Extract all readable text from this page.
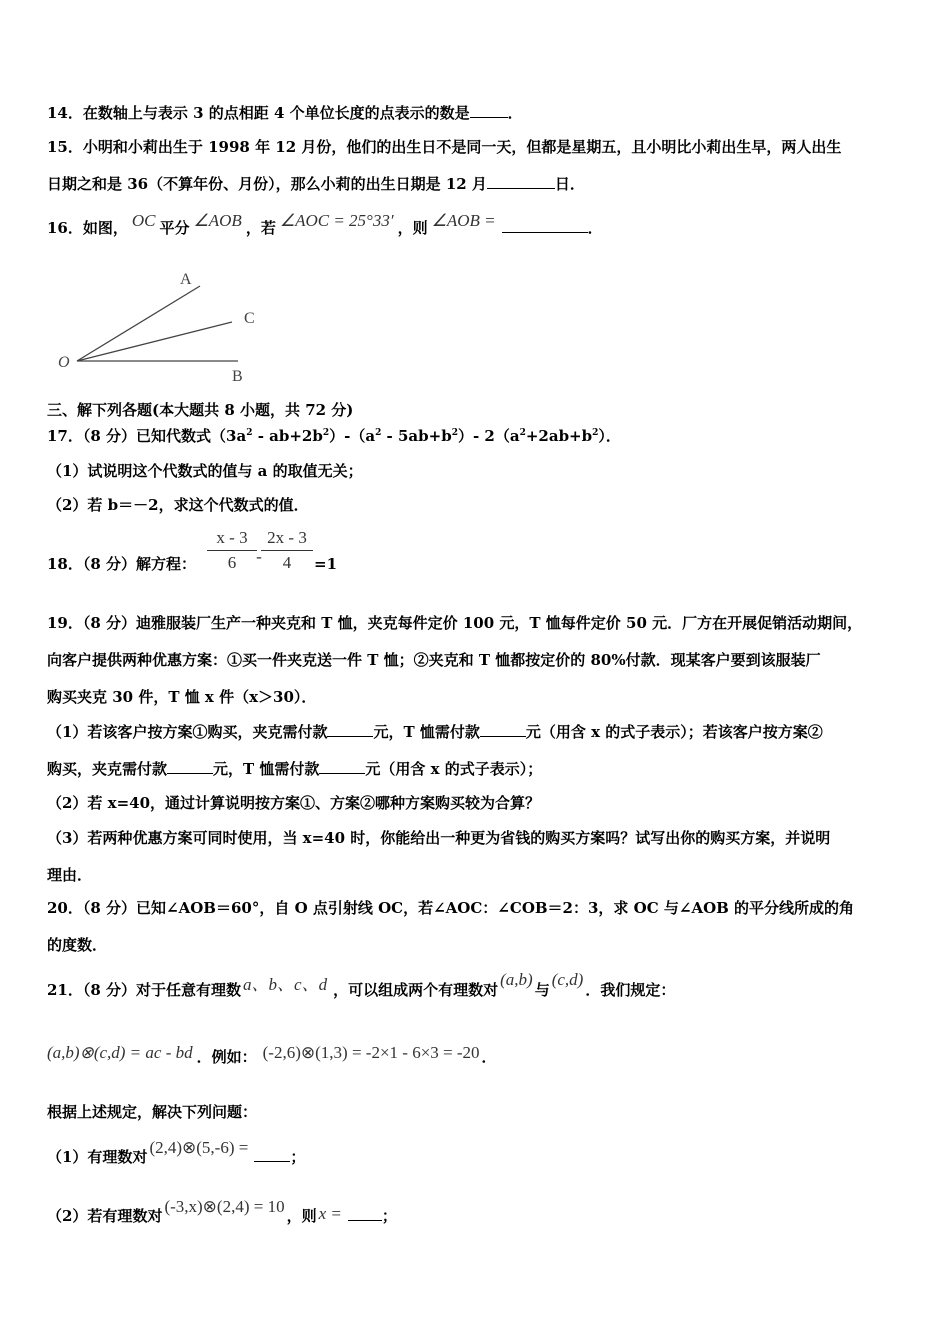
14．在数轴上与表示 3 的点相距 4 个单位长度的点表示的数是	．
15．小明和小莉出生于 1998 年 12 月份，他们的出生日不是同一天，但都是星期五，且小明比小莉出生早，两人出生
日期之和是 36（不算年份、月份），那么小莉的出生日期是 12 月	日．
16．如图， OC 平分 ∠AOB ，若 ∠AOC = 25°33′ ，则 ∠AOB =	．
A
C
O
B
三、解下列各题(本大题共 8 小题，共 72 分)
17．（8 分）已知代数式$(3a^2 - ab+2b^2)-(a^2 - 5ab+b^2)-$ $2(a^2+2ab+b^2)$．
（1）试说明这个代数式的值与 a 的取值无关；
（2）若 b＝－2，求这个代数式的值．
18．（8 分）解方程： $\frac{x - 3}{6} - \frac{2x - 3}{4} =1$
19．（8 分）迪雅服装厂生产一种夹克和 T 恤，夹克每件定价 100 元，T 恤每件定价 50 元．厂方在开展促销活动期间，
向客户提供两种优惠方案：①买一件夹克送一件 T 恤；②夹克和 T 恤都按定价的 80%付款．现某客户要到该服装厂
购买夹克 30 件，T 恤 x 件（x＞30）．
（1）若该客户按方案①购买，夹克需付款	元，T 恤需付款	元（用含 x 的式子表示）；若该客户按方案②
购买，夹克需付款	元，T 恤需付款	元（用含 x 的式子表示）；
（2）若 x=40，通过计算说明按方案①、方案②哪种方案购买较为合算？
（3）若两种优惠方案可同时使用，当 x=40 时，你能给出一种更为省钱的购买方案吗？试写出你的购买方案，并说明
理由．
20．（8 分）已知∠AOB＝60°，自 O 点引射线 OC，若∠AOC：∠COB＝2：3，求 OC 与∠AOB 的平分线所成的角
的度数．
21．（8 分）对于任意有理数 a、b、c、d ，可以组成两个有理数对(a,b)与(c,d)．我们规定：
(a,b)⊗(c,d) = ac - bd ．例如： (-2,6)⊗(1,3) = -2×1 - 6×3 = -20 ．
根据上述规定，解决下列问题：
（1）有理数对 (2,4)⊗(5,-6) =	；
（2）若有理数对 (-3,x)⊗(2,4) = 10 ，则 x =	；
